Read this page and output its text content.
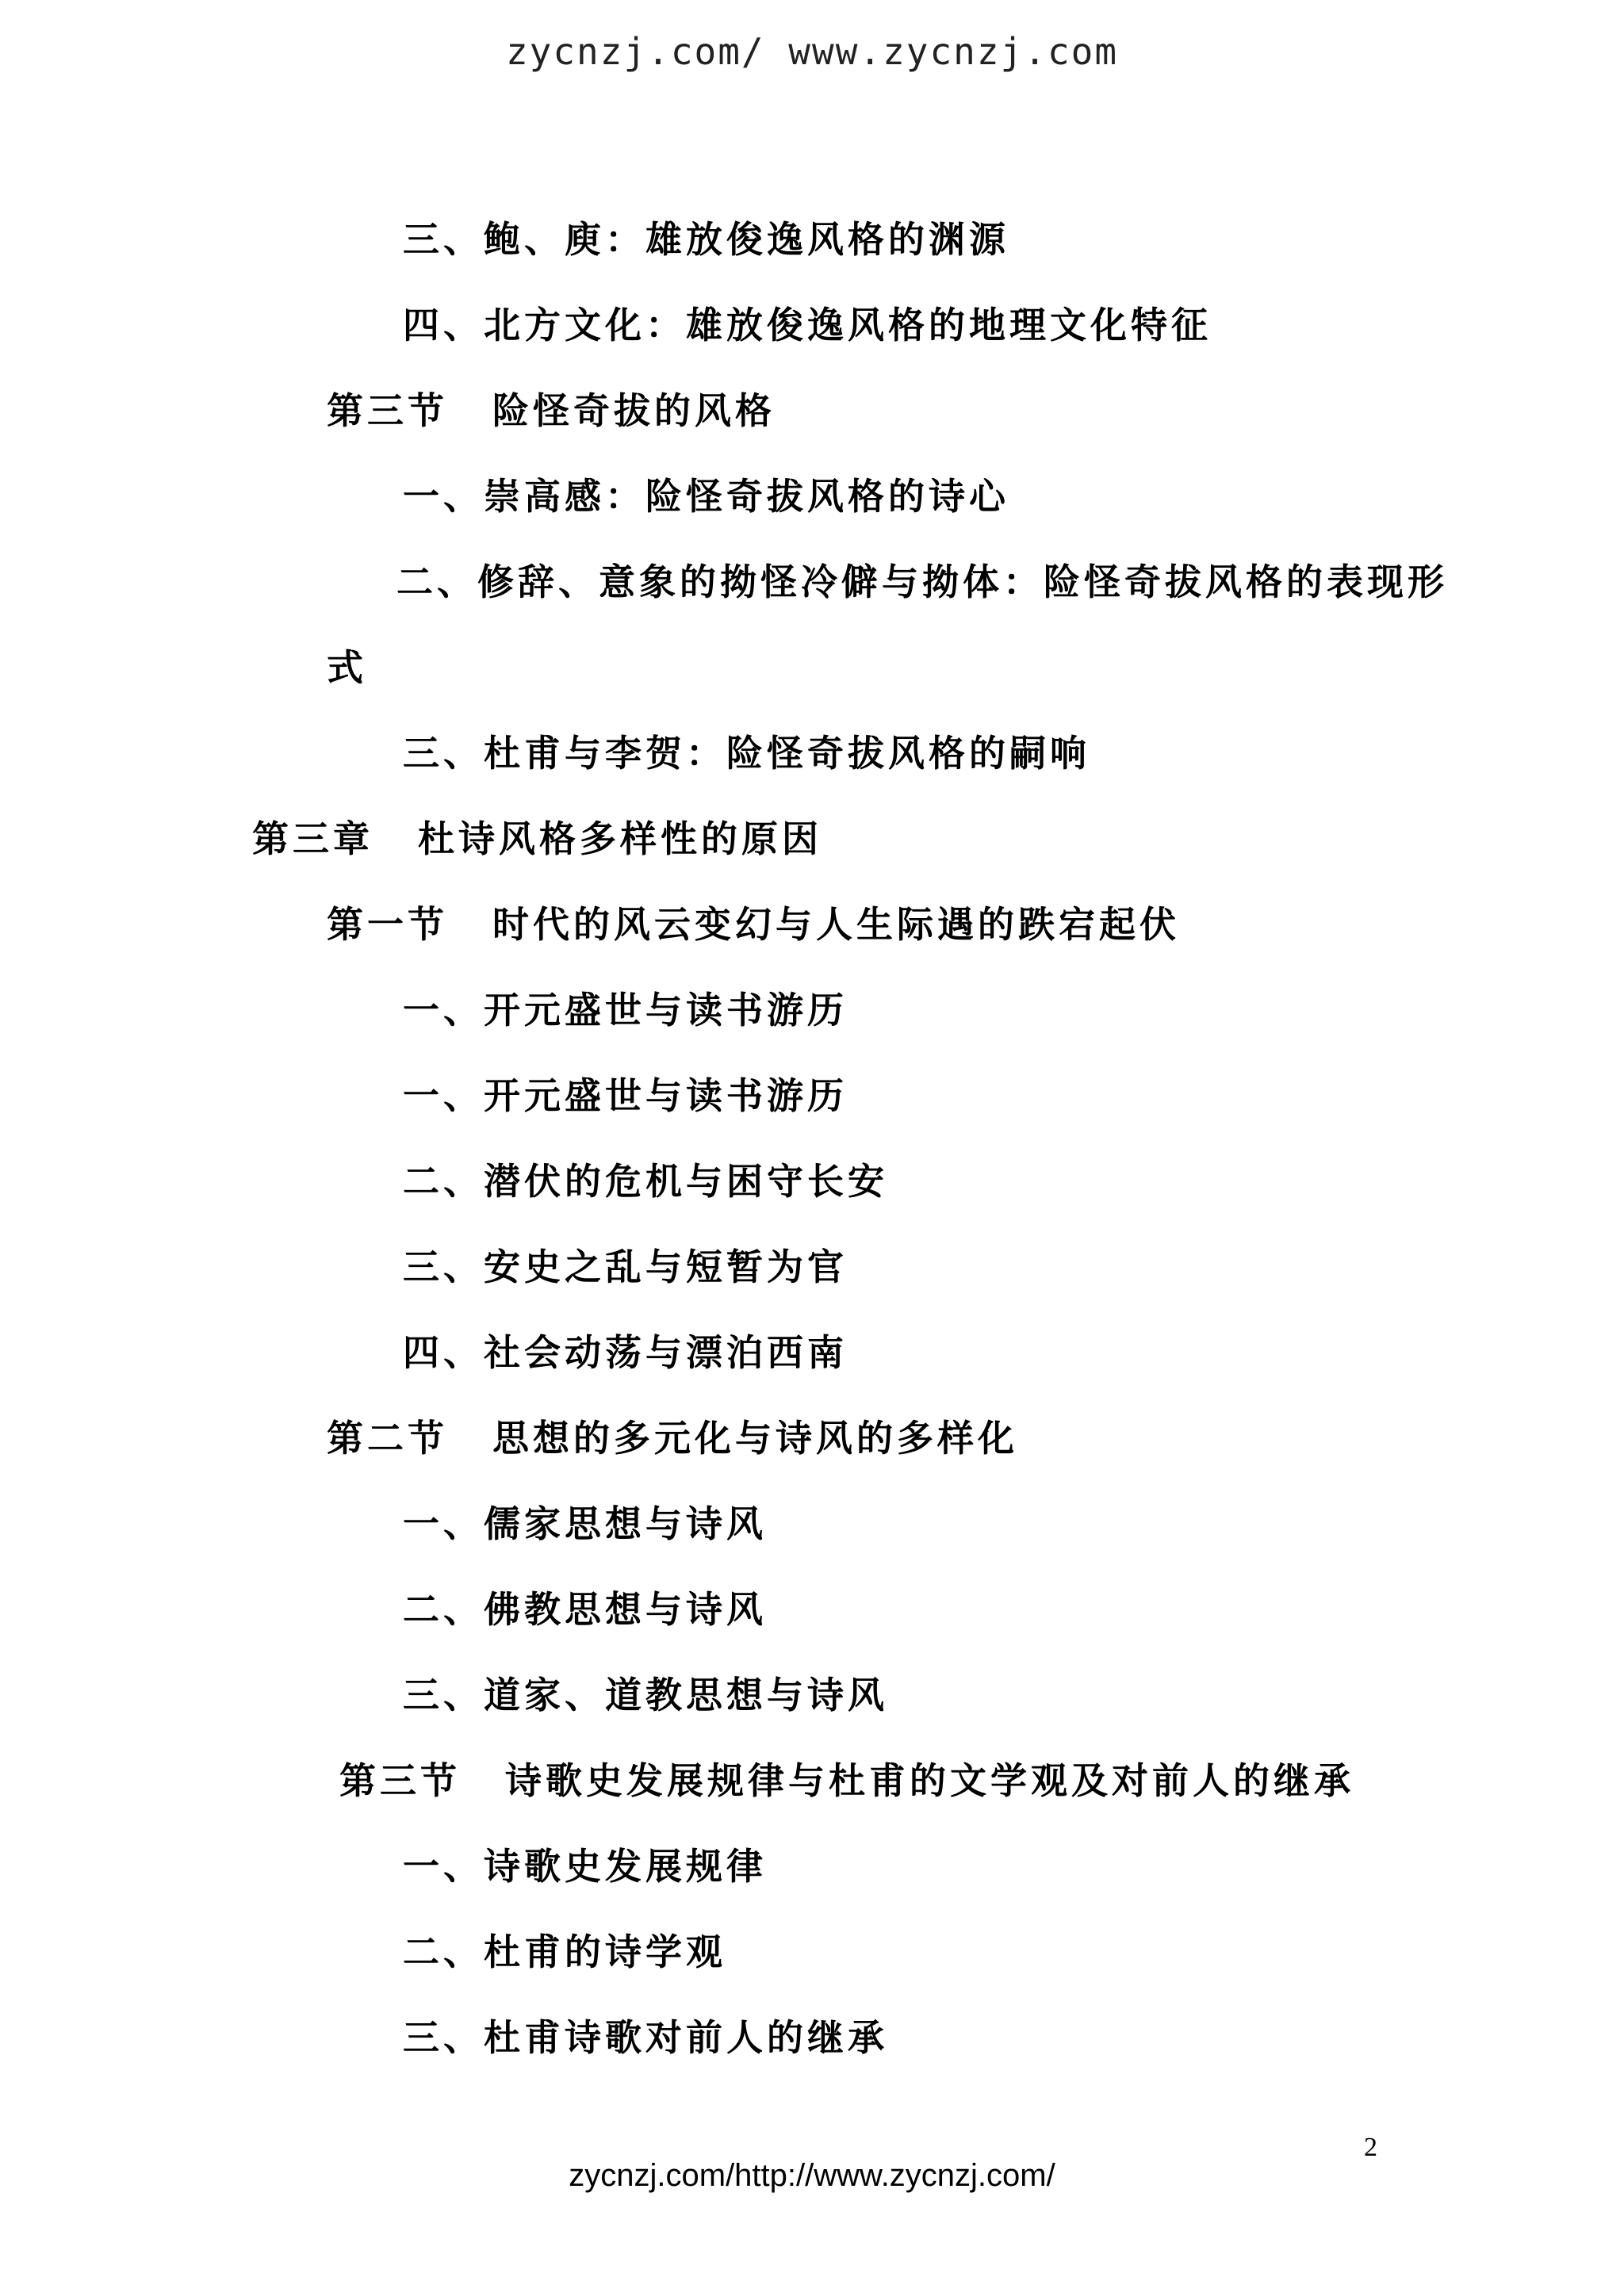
zycnzj.com/ www.zycnzj.com
三、鲍、庾：雄放俊逸风格的渊源
四、北方文化：雄放俊逸风格的地理文化特征
第三节 险怪奇拔的风格
一、崇高感：险怪奇拔风格的诗心
二、修辞、意象的拗怪冷僻与拗体：险怪奇拔风格的表现形
式
三、杜甫与李贺：险怪奇拔风格的嗣响
第三章 杜诗风格多样性的原因
第一节 时代的风云变幻与人生际遇的跌宕起伏
一、开元盛世与读书游历
一、开元盛世与读书游历
二、潜伏的危机与困守长安
三、安史之乱与短暂为官
四、社会动荡与漂泊西南
第二节 思想的多元化与诗风的多样化
一、儒家思想与诗风
二、佛教思想与诗风
三、道家、道教思想与诗风
第三节 诗歌史发展规律与杜甫的文学观及对前人的继承
一、诗歌史发展规律
二、杜甫的诗学观
三、杜甫诗歌对前人的继承
2
zycnzj.com/http://www.zycnzj.com/
